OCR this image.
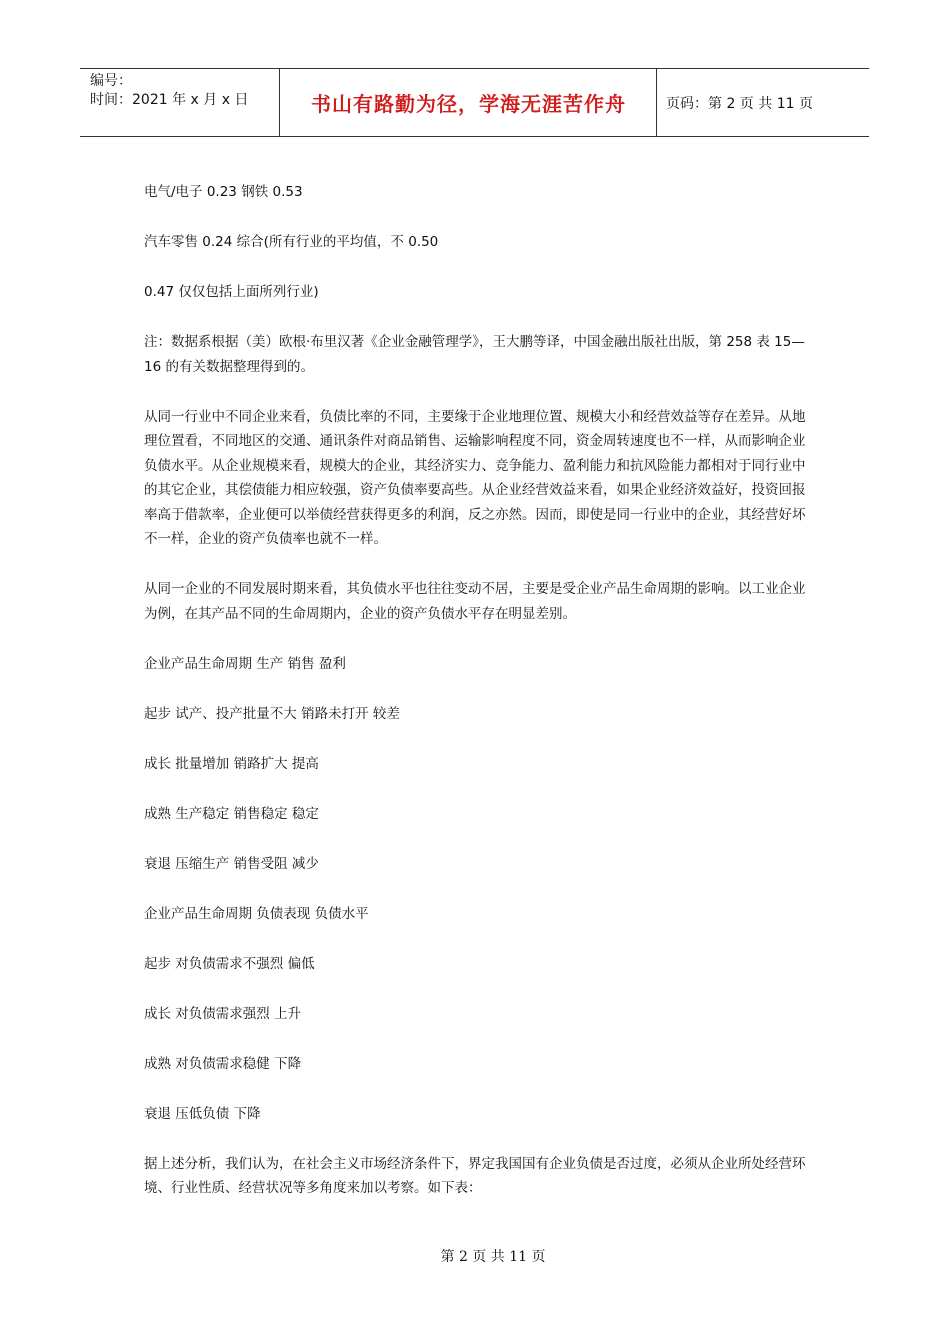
编号：
时间：2021 年 x 月 x 日	书山有路勤为径，学海无涯苦作舟	页码：第 2 页 共 11 页

电气/电子 0.23 钢铁 0.53

汽车零售 0.24 综合(所有行业的平均值，不 0.50

0.47 仅仅包括上面所列行业)

注：数据系根据（美）欧根·布里汉著《企业金融管理学》，王大鹏等译，中国金融出版社出版，第 258 表 15—16 的有关数据整理得到的。

从同一行业中不同企业来看，负债比率的不同，主要缘于企业地理位置、规模大小和经营效益等存在差异。从地理位置看，不同地区的交通、通讯条件对商品销售、运输影响程度不同，资金周转速度也不一样，从而影响企业负债水平。从企业规模来看，规模大的企业，其经济实力、竞争能力、盈利能力和抗风险能力都相对于同行业中的其它企业，其偿债能力相应较强，资产负债率要高些。从企业经营效益来看，如果企业经济效益好，投资回报率高于借款率，企业便可以举债经营获得更多的利润，反之亦然。因而，即使是同一行业中的企业，其经营好坏不一样，企业的资产负债率也就不一样。

从同一企业的不同发展时期来看，其负债水平也往往变动不居，主要是受企业产品生命周期的影响。以工业企业为例，在其产品不同的生命周期内，企业的资产负债水平存在明显差别。

企业产品生命周期 生产 销售 盈利

起步 试产、投产批量不大 销路未打开 较差

成长 批量增加 销路扩大 提高

成熟 生产稳定 销售稳定 稳定

衰退 压缩生产 销售受阻 减少

企业产品生命周期 负债表现 负债水平

起步 对负债需求不强烈 偏低

成长 对负债需求强烈 上升

成熟 对负债需求稳健 下降

衰退 压低负债 下降

据上述分析，我们认为，在社会主义市场经济条件下，界定我国国有企业负债是否过度，必须从企业所处经营环境、行业性质、经营状况等多角度来加以考察。如下表：

第 2 页 共 11 页
